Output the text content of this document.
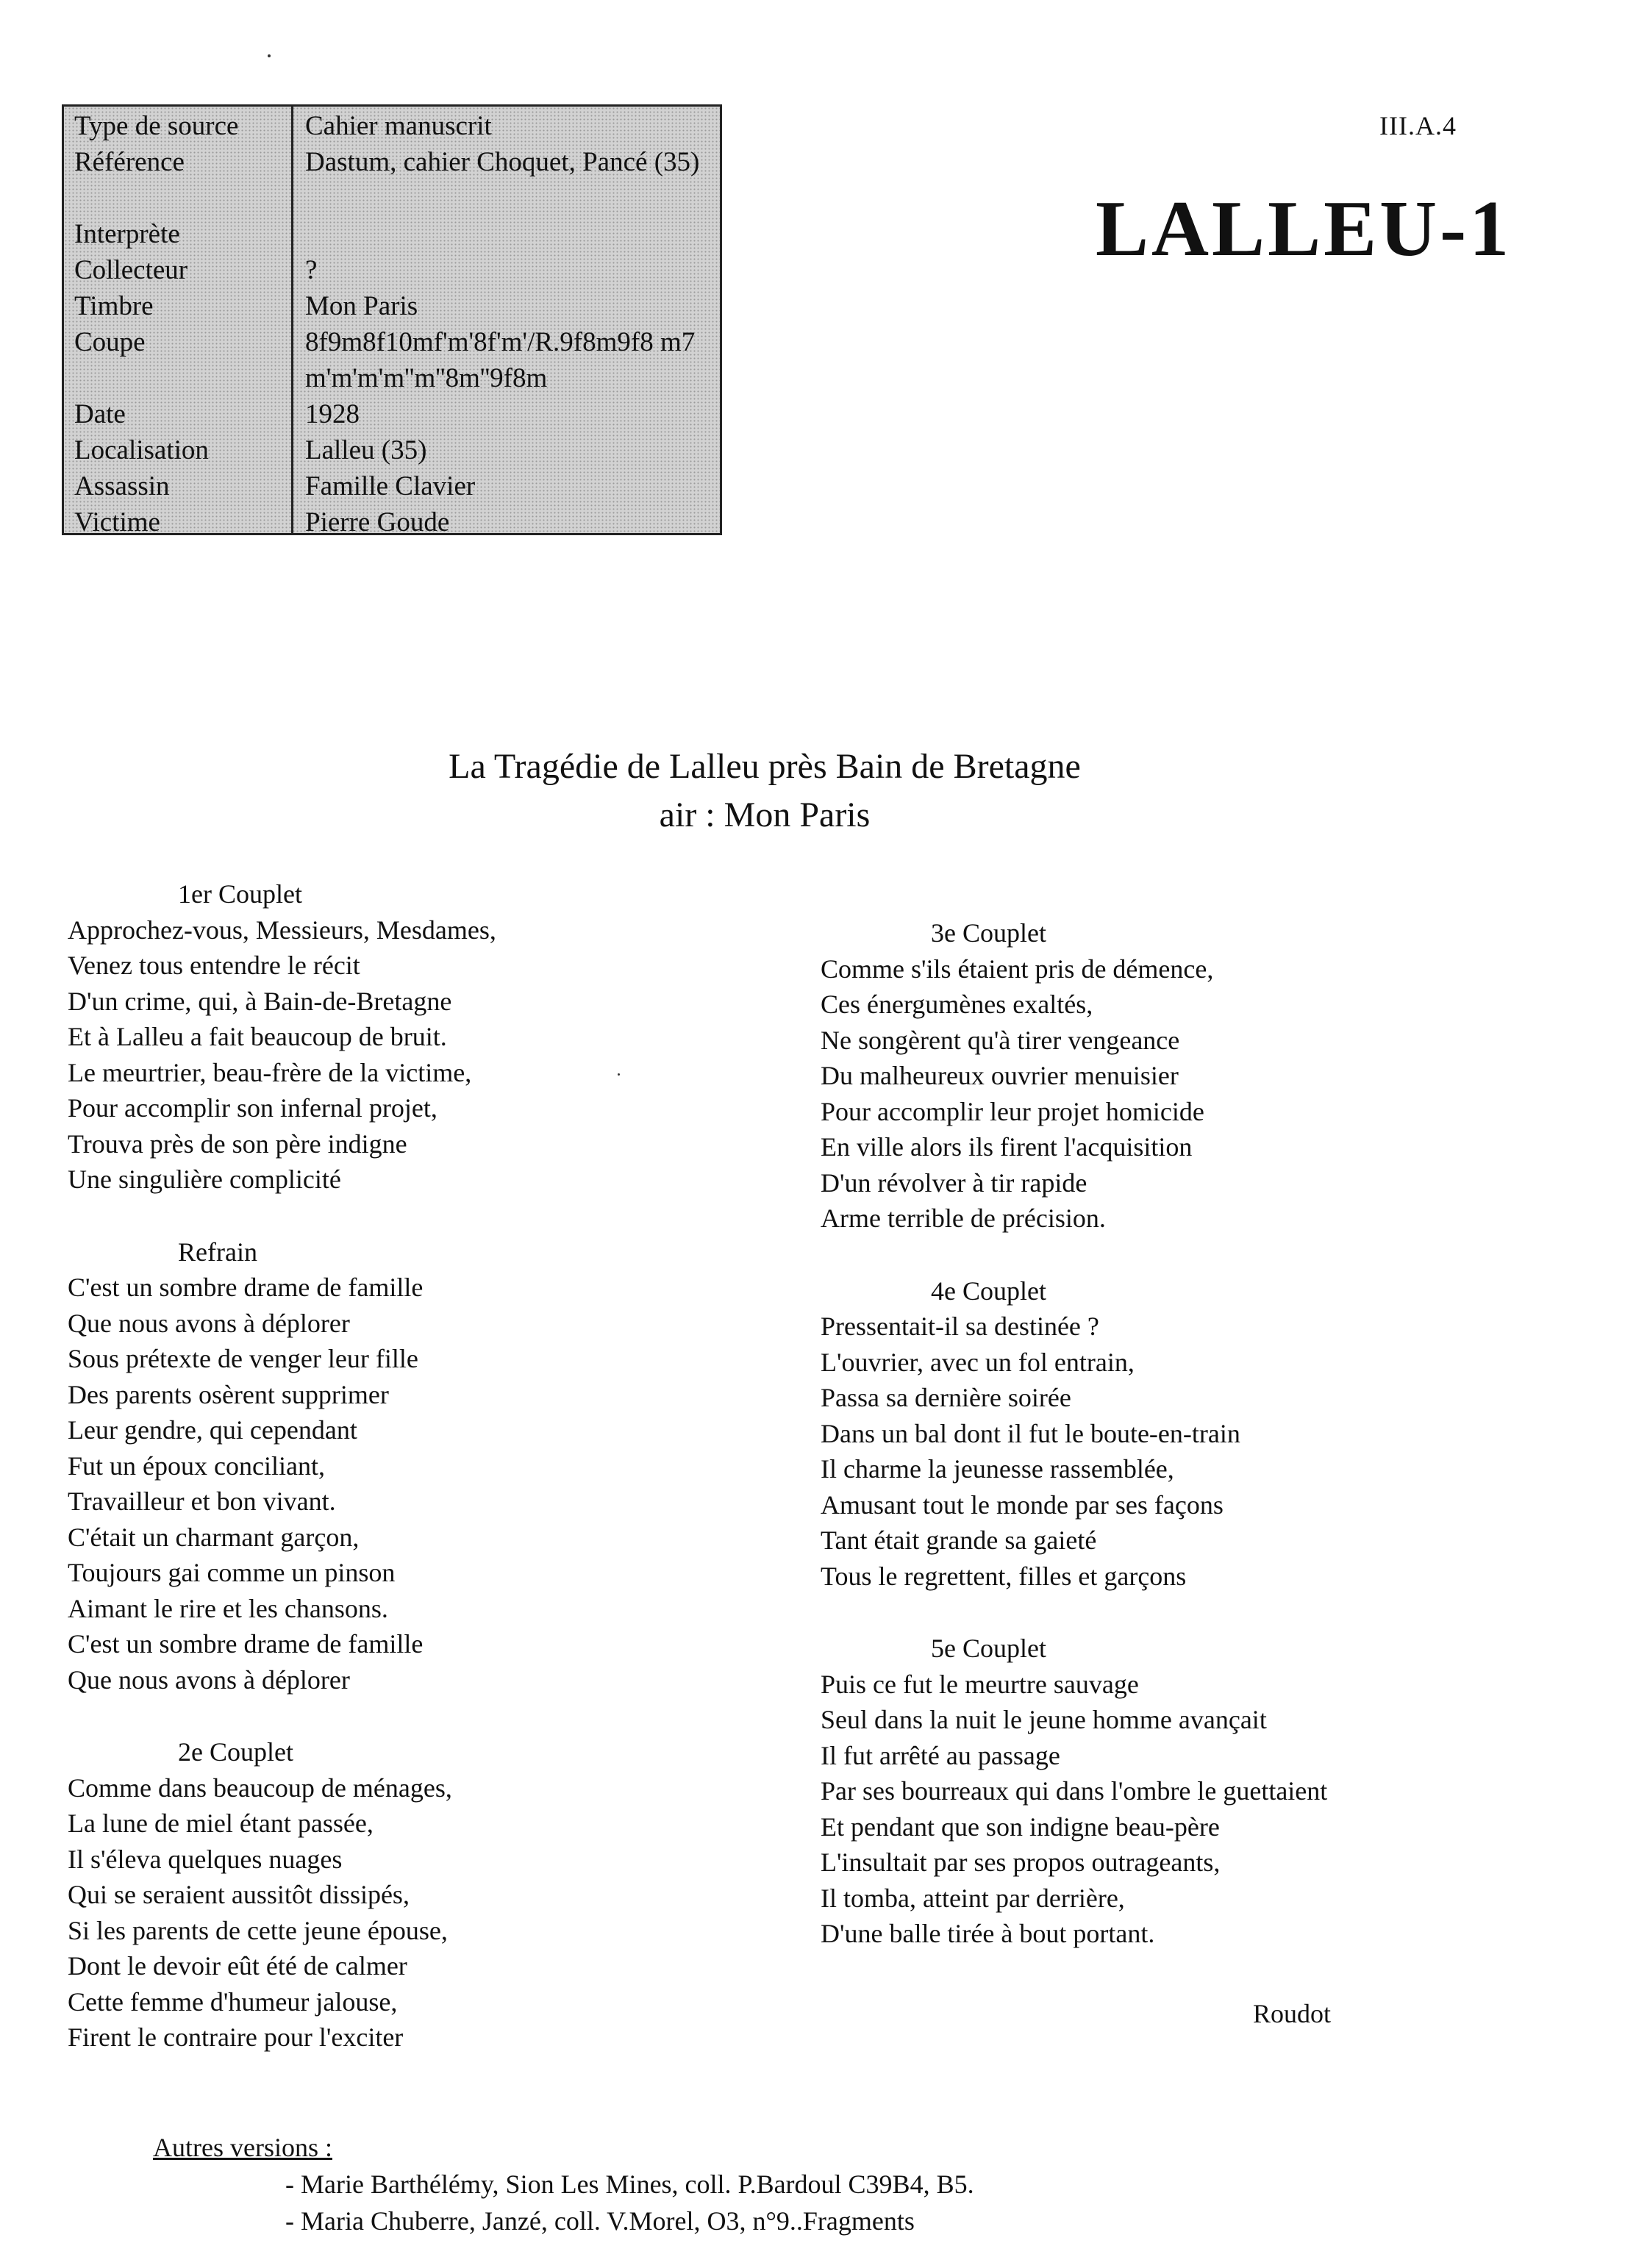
Type de source
Référence
Interprète
Collecteur
Timbre
Coupe
Date
Localisation
Assassin
Victime
Cahier manuscrit
Dastum, cahier Choquet, Pancé (35)
?
Mon Paris
8f9m8f10mf'm'8f'm'/R.9f8m9f8 m7m'm'm'm''m''8m''9f8m
1928
Lalleu (35)
Famille Clavier
Pierre Goude
III.A.4
LALLEU-1
La Tragédie de Lalleu près Bain de Bretagne
air : Mon Paris
1er Couplet
Approchez-vous, Messieurs, Mesdames,
Venez tous entendre le récit
D'un crime, qui, à Bain-de-Bretagne
Et à Lalleu a fait beaucoup de bruit.
Le meurtrier, beau-frère de la victime,
Pour accomplir son infernal projet,
Trouva près de son père indigne
Une singulière complicité
Refrain
C'est un sombre drame de famille
Que nous avons à déplorer
Sous prétexte de venger leur fille
Des parents osèrent supprimer
Leur gendre, qui cependant
Fut un époux conciliant,
Travailleur et bon vivant.
C'était un charmant garçon,
Toujours gai comme un pinson
Aimant le rire et les chansons.
C'est un sombre drame de famille
Que nous avons à déplorer
2e Couplet
Comme dans beaucoup de ménages,
La lune de miel étant passée,
Il s'éleva quelques nuages
Qui se seraient aussitôt dissipés,
Si les parents de cette jeune épouse,
Dont le devoir eût été de calmer
Cette femme d'humeur jalouse,
Firent le contraire pour l'exciter
3e Couplet
Comme s'ils étaient pris de démence,
Ces énergumènes exaltés,
Ne songèrent qu'à tirer vengeance
Du malheureux ouvrier menuisier
Pour accomplir leur projet homicide
En ville alors ils firent l'acquisition
D'un révolver à tir rapide
Arme terrible de précision.
4e Couplet
Pressentait-il sa destinée ?
L'ouvrier, avec un fol entrain,
Passa sa dernière soirée
Dans un bal dont il fut le boute-en-train
Il charme la jeunesse rassemblée,
Amusant tout le monde par ses façons
Tant était grande sa gaieté
Tous le regrettent, filles et garçons
5e Couplet
Puis ce fut le meurtre sauvage
Seul dans la nuit le jeune homme avançait
Il fut arrêté au passage
Par ses bourreaux qui dans l'ombre le guettaient
Et pendant que son indigne beau-père
L'insultait par ses propos outrageants,
Il tomba, atteint par derrière,
D'une balle tirée à bout portant.
Roudot
Autres versions :
- Marie Barthélémy, Sion Les Mines, coll. P.Bardoul C39B4, B5.
- Maria Chuberre, Janzé, coll. V.Morel, O3, n°9..Fragments
